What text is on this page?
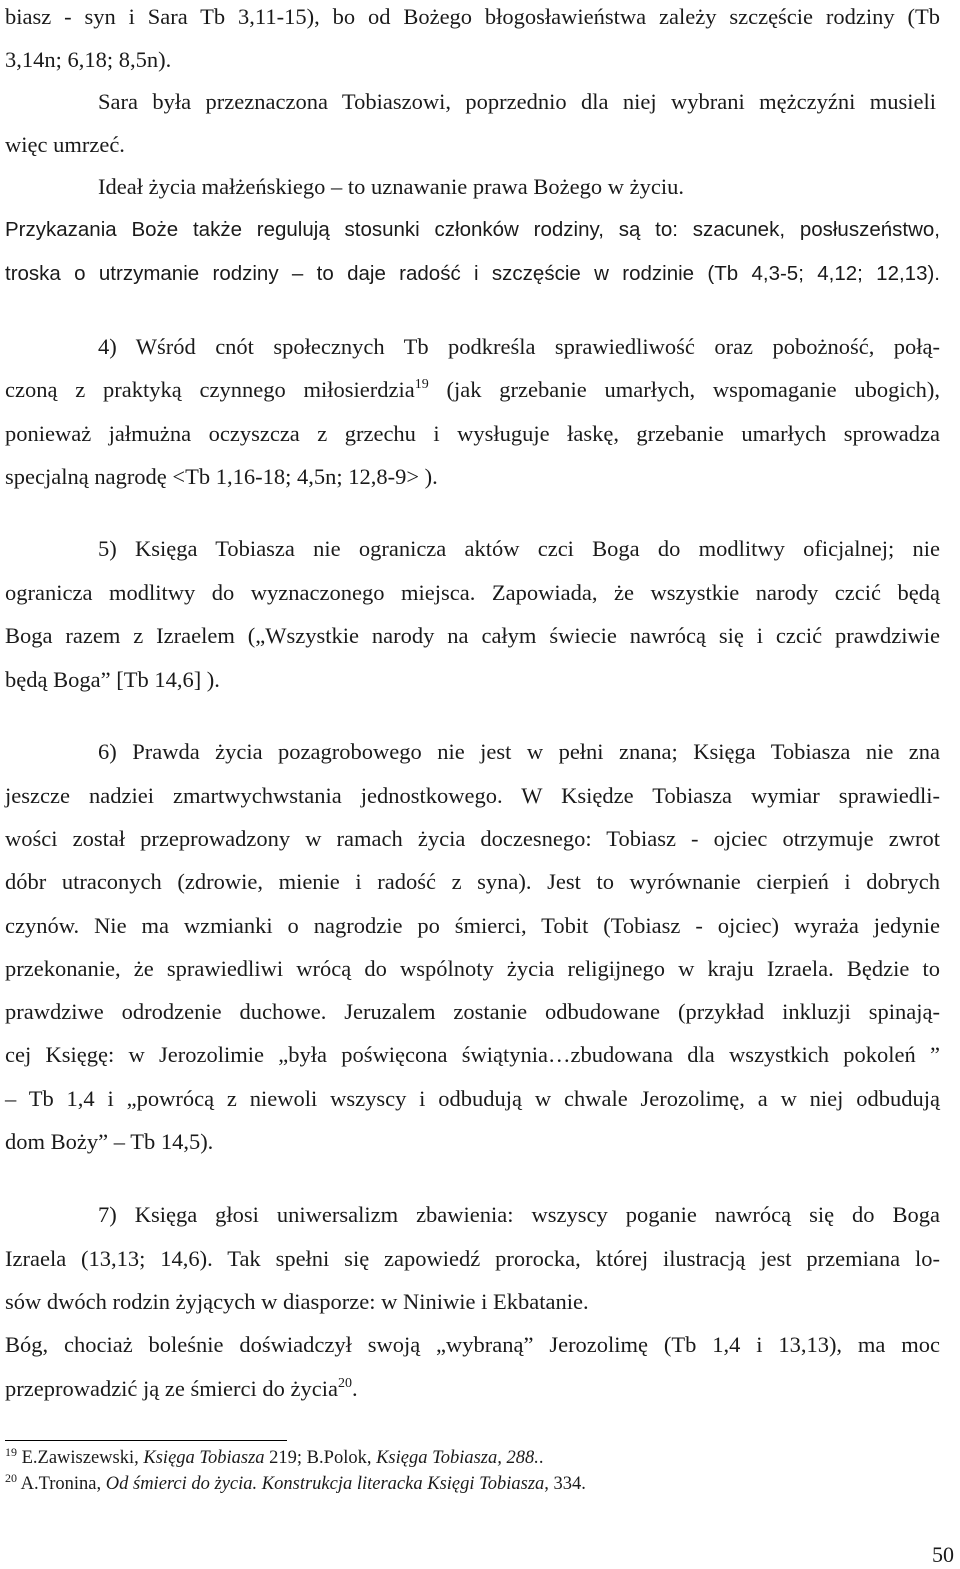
biasz - syn i Sara Tb 3,11-15), bo od Bożego błogosławieństwa zależy szczęście rodziny (Tb
3,14n; 6,18; 8,5n).
Sara była przeznaczona Tobiaszowi, poprzednio dla niej wybrani mężczyźni musieli
więc umrzeć.
Ideał życia małżeńskiego – to uznawanie prawa Bożego w życiu.
Przykazania Boże także regulują stosunki członków rodziny, są to: szacunek, posłuszeństwo,
troska o utrzymanie rodziny – to daje radość i szczęście w rodzinie (Tb 4,3-5; 4,12; 12,13).
4) Wśród cnót społecznych Tb podkreśla sprawiedliwość oraz pobożność, połą-
czoną z praktyką czynnego miłosierdzia$^{19}$ (jak grzebanie umarłych, wspomaganie ubogich),
ponieważ jałmużna oczyszcza z grzechu i wysługuje łaskę, grzebanie umarłych sprowadza
specjalną nagrodę <Tb 1,16-18; 4,5n; 12,8-9> ).
5) Księga Tobiasza nie ogranicza aktów czci Boga do modlitwy oficjalnej; nie
ogranicza modlitwy do wyznaczonego miejsca. Zapowiada, że wszystkie narody czcić będą
Boga razem z Izraelem („Wszystkie narody na całym świecie nawrócą się i czcić prawdziwie
będą Boga” [Tb 14,6] ).
6) Prawda życia pozagrobowego nie jest w pełni znana; Księga Tobiasza nie zna
jeszcze nadziei zmartwychwstania jednostkowego. W Księdze Tobiasza wymiar sprawiedli-
wości został przeprowadzony w ramach życia doczesnego: Tobiasz - ojciec otrzymuje zwrot
dóbr utraconych (zdrowie, mienie i radość z syna). Jest to wyrównanie cierpień i dobrych
czynów. Nie ma wzmianki o nagrodzie po śmierci, Tobit (Tobiasz - ojciec) wyraża jedynie
przekonanie, że sprawiedliwi wrócą do wspólnoty życia religijnego w kraju Izraela. Będzie to
prawdziwe odrodzenie duchowe. Jeruzalem zostanie odbudowane (przykład inkluzji spinają-
cej Księgę: w Jerozolimie „była poświęcona świątynia…zbudowana dla wszystkich pokoleń ”
– Tb 1,4 i „powrócą z niewoli wszyscy i odbudują w chwale Jerozolimę, a w niej odbudują
dom Boży” – Tb 14,5).
7) Księga głosi uniwersalizm zbawienia: wszyscy poganie nawrócą się do Boga
Izraela (13,13; 14,6). Tak spełni się zapowiedź prorocka, której ilustracją jest przemiana lo-
sów dwóch rodzin żyjących w diasporze: w Niniwie i Ekbatanie.
Bóg, chociaż boleśnie doświadczył swoją „wybraną” Jerozolimę (Tb 1,4 i 13,13), ma moc
przeprowadzić ją ze śmierci do życia$^{20}$.
$^{19}$ E.Zawiszewski, Księga Tobiasza 219; B.Polok, Księga Tobiasza, 288..
$^{20}$ A.Tronina, Od śmierci do życia. Konstrukcja literacka Księgi Tobiasza, 334.
50
